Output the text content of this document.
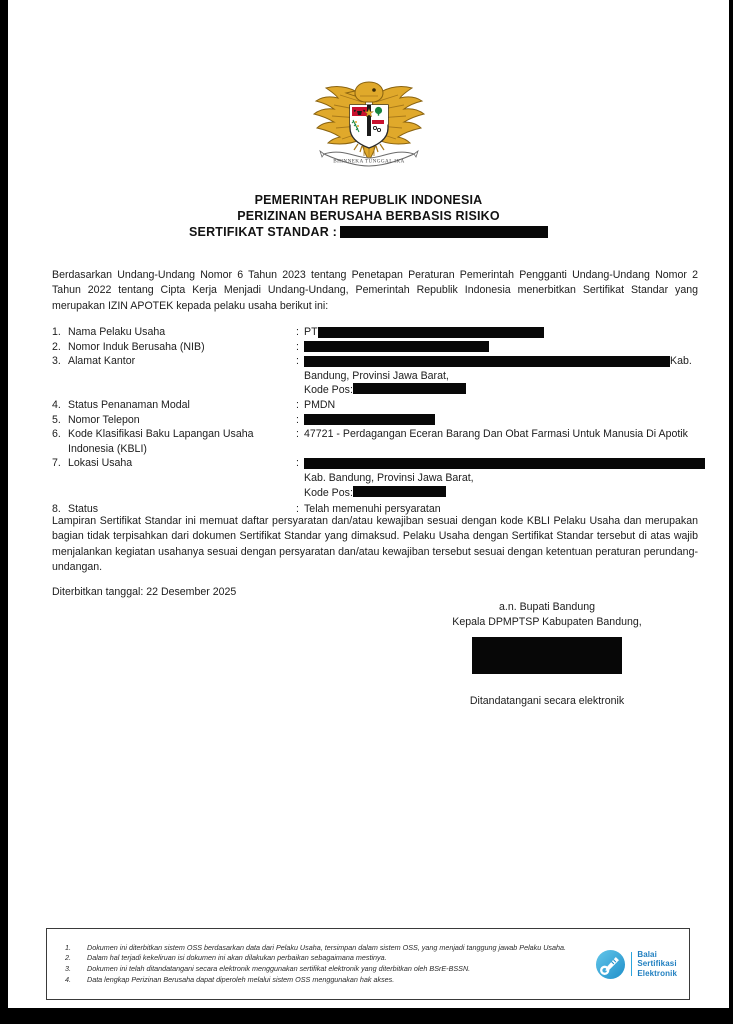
BHINNEKA TUNGGAL IKA
PEMERINTAH REPUBLIK INDONESIA
PERIZINAN BERUSAHA BERBASIS RISIKO
SERTIFIKAT STANDAR :
Berdasarkan Undang-Undang Nomor 6 Tahun 2023 tentang Penetapan Peraturan Pemerintah Pengganti Undang-Undang Nomor 2 Tahun 2022 tentang Cipta Kerja Menjadi Undang-Undang, Pemerintah Republik Indonesia menerbitkan Sertifikat Standar yang merupakan IZIN APOTEK kepada pelaku usaha berikut ini:
1. Nama Pelaku Usaha	: PT
2. Nomor Induk Berusaha (NIB)	:
3. Alamat Kantor	:	Kab.
Bandung, Provinsi Jawa Barat,
Kode Pos:
4. Status Penanaman Modal	: PMDN
5. Nomor Telepon	:
6. Kode Klasifikasi Baku Lapangan Usaha	: 47721 - Perdagangan Eceran Barang Dan Obat Farmasi Untuk Manusia Di Apotik
Indonesia (KBLI)
7. Lokasi Usaha	:
Kab. Bandung, Provinsi Jawa Barat,
Kode Pos:
8. Status	: Telah memenuhi persyaratan
Lampiran Sertifikat Standar ini memuat daftar persyaratan dan/atau kewajiban sesuai dengan kode KBLI Pelaku Usaha dan merupakan bagian tidak terpisahkan dari dokumen Sertifikat Standar yang dimaksud. Pelaku Usaha dengan Sertifikat Standar tersebut di atas wajib menjalankan kegiatan usahanya sesuai dengan persyaratan dan/atau kewajiban tersebut sesuai dengan ketentuan peraturan perundang-undangan.
Diterbitkan tanggal: 22 Desember 2025
a.n. Bupati Bandung
Kepala DPMPTSP Kabupaten Bandung,
Ditandatangani secara elektronik
1.	Dokumen ini diterbitkan sistem OSS berdasarkan data dari Pelaku Usaha, tersimpan dalam sistem OSS, yang menjadi tanggung jawab Pelaku Usaha.
2.	Dalam hal terjadi kekeliruan isi dokumen ini akan dilakukan perbaikan sebagaimana mestinya.
3.	Dokumen ini telah ditandatangani secara elektronik menggunakan sertifikat elektronik yang diterbitkan oleh BSrE-BSSN.
4.	Data lengkap Perizinan Berusaha dapat diperoleh melalui sistem OSS menggunakan hak akses.
Balai
Sertifikasi
Elektronik
